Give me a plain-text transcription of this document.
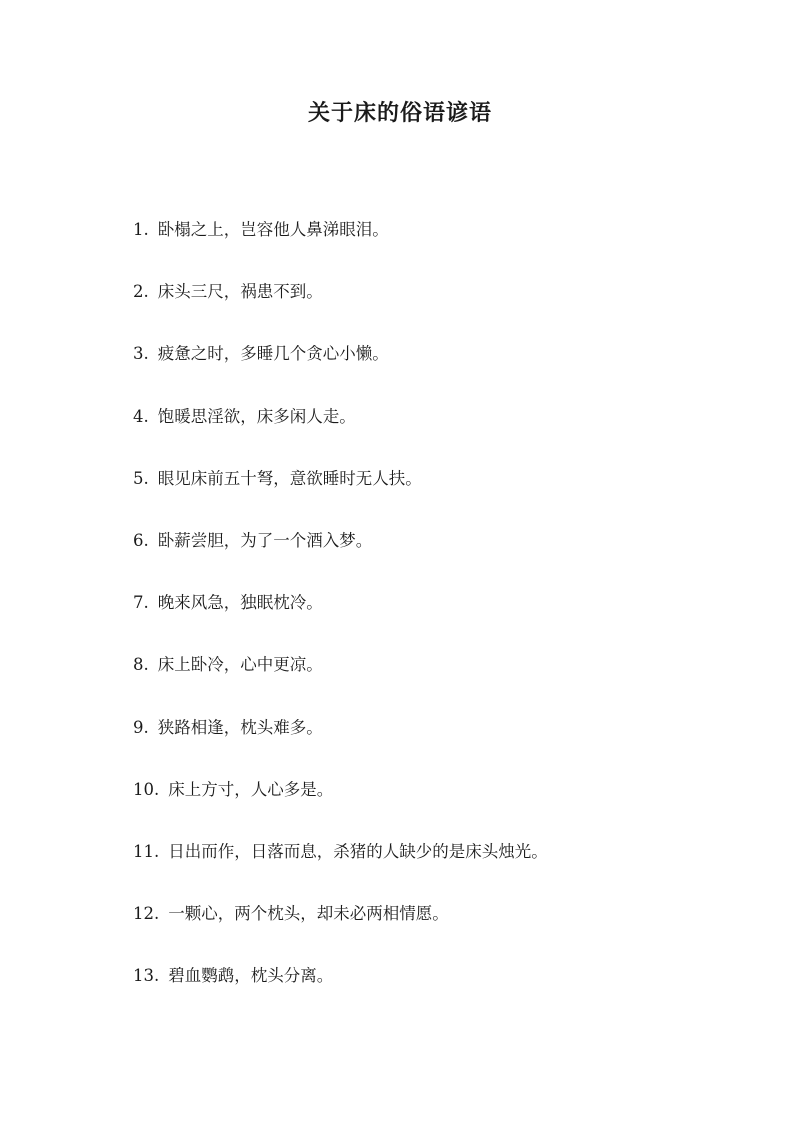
关于床的俗语谚语
1. 卧榻之上，岂容他人鼻涕眼泪。
2. 床头三尺，祸患不到。
3. 疲惫之时，多睡几个贪心小懒。
4. 饱暖思淫欲，床多闲人走。
5. 眼见床前五十弩，意欲睡时无人扶。
6. 卧薪尝胆，为了一个酒入梦。
7. 晚来风急，独眠枕冷。
8. 床上卧冷，心中更凉。
9. 狭路相逢，枕头难多。
10. 床上方寸，人心多是。
11. 日出而作，日落而息，杀猪的人缺少的是床头烛光。
12. 一颗心，两个枕头，却未必两相情愿。
13. 碧血鹦鹉，枕头分离。
